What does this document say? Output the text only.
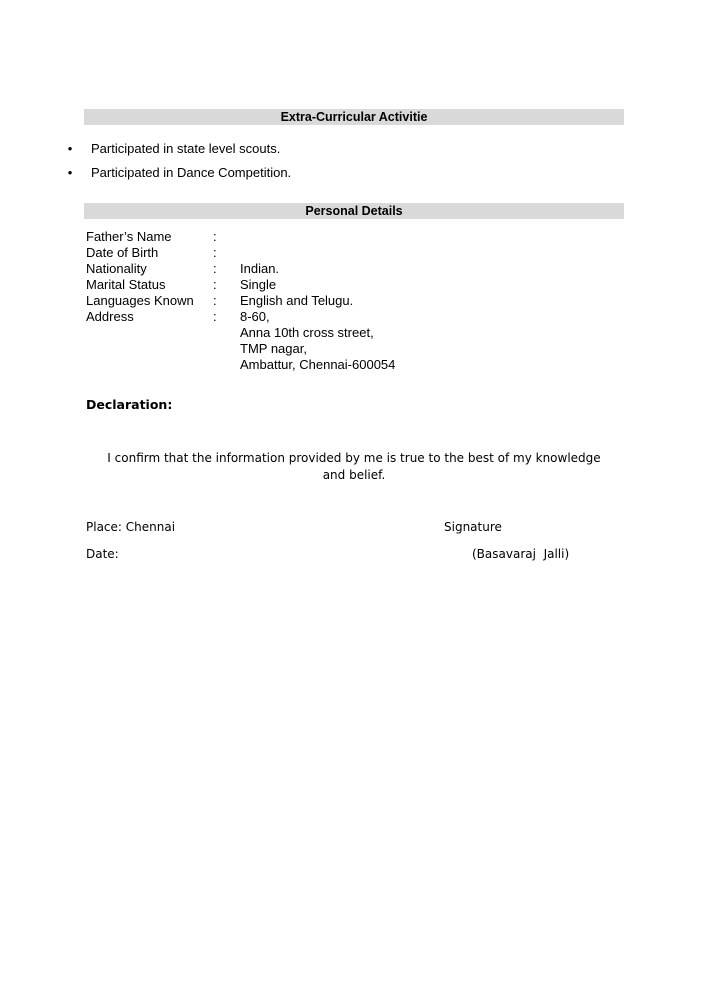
Extra-Curricular Activitie
• Participated in state level scouts.
• Participated in Dance Competition.
Personal Details
Father’s Name	:
Date of Birth	:
Nationality	: Indian.
Marital Status	: Single
Languages Known : English and Telugu.
Address	: 8-60,
Anna 10th cross street,
TMP nagar,
Ambattur, Chennai-600054
Declaration:
I confirm that the information provided by me is true to the best of my knowledge and belief.
Place: Chennai
Date:
Signature
(Basavaraj  Jalli)
